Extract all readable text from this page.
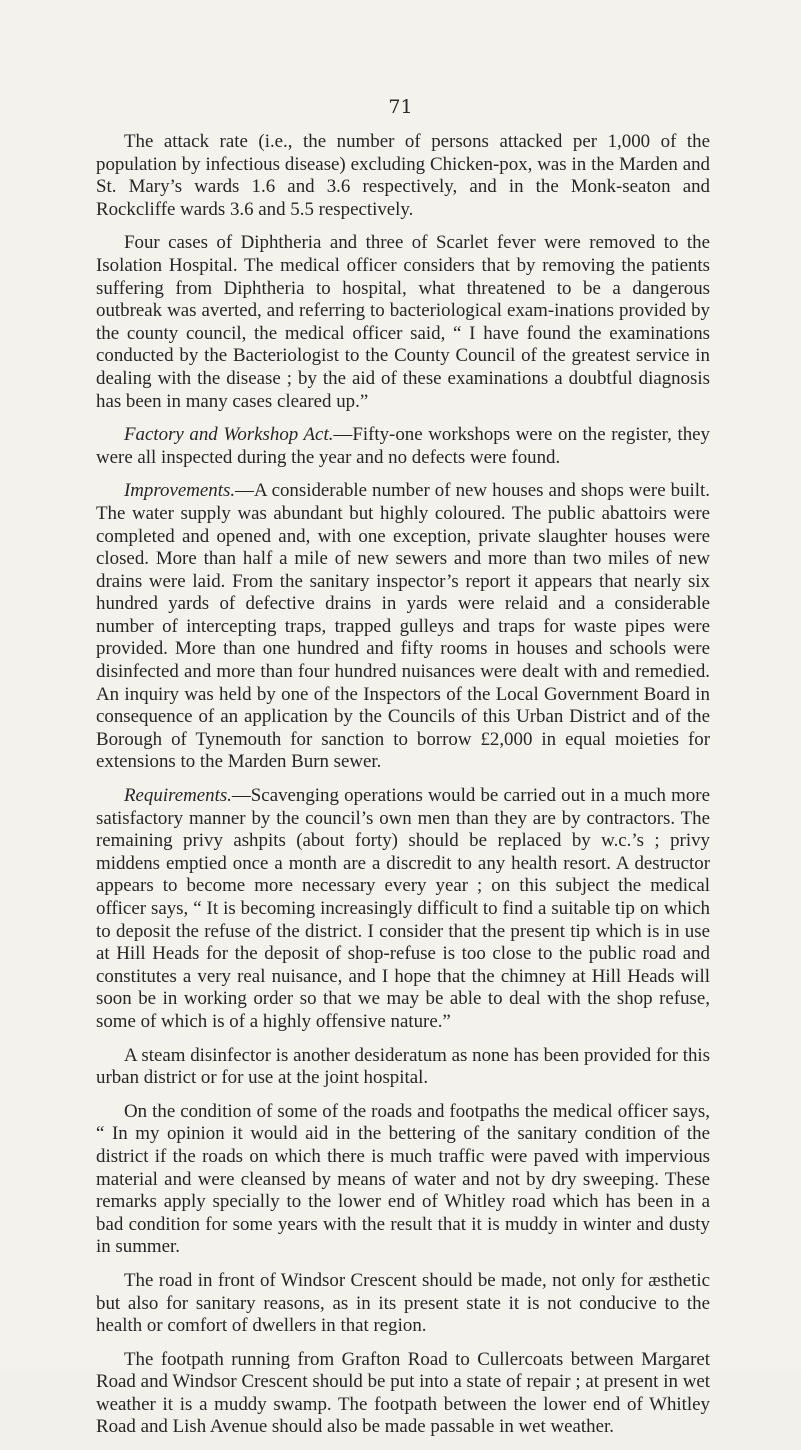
71

The attack rate (i.e., the number of persons attacked per 1,000 of the population by infectious disease) excluding Chicken-pox, was in the Marden and St. Mary’s wards 1.6 and 3.6 respectively, and in the Monk-seaton and Rockcliffe wards 3.6 and 5.5 respectively.

Four cases of Diphtheria and three of Scarlet fever were removed to the Isolation Hospital. The medical officer considers that by removing the patients suffering from Diphtheria to hospital, what threatened to be a dangerous outbreak was averted, and referring to bacteriological exam-inations provided by the county council, the medical officer said, “ I have found the examinations conducted by the Bacteriologist to the County Council of the greatest service in dealing with the disease ; by the aid of these examinations a doubtful diagnosis has been in many cases cleared up.”

Factory and Workshop Act.—Fifty-one workshops were on the register, they were all inspected during the year and no defects were found.

Improvements.—A considerable number of new houses and shops were built. The water supply was abundant but highly coloured. The public abattoirs were completed and opened and, with one exception, private slaughter houses were closed. More than half a mile of new sewers and more than two miles of new drains were laid. From the sanitary inspector’s report it appears that nearly six hundred yards of defective drains in yards were relaid and a considerable number of intercepting traps, trapped gulleys and traps for waste pipes were provided. More than one hundred and fifty rooms in houses and schools were disinfected and more than four hundred nuisances were dealt with and remedied. An inquiry was held by one of the Inspectors of the Local Government Board in consequence of an application by the Councils of this Urban District and of the Borough of Tynemouth for sanction to borrow £2,000 in equal moieties for extensions to the Marden Burn sewer.

Requirements.—Scavenging operations would be carried out in a much more satisfactory manner by the council’s own men than they are by contractors. The remaining privy ashpits (about forty) should be replaced by w.c.’s ; privy middens emptied once a month are a discredit to any health resort. A destructor appears to become more necessary every year ; on this subject the medical officer says, “ It is becoming increasingly difficult to find a suitable tip on which to deposit the refuse of the district. I consider that the present tip which is in use at Hill Heads for the deposit of shop-refuse is too close to the public road and constitutes a very real nuisance, and I hope that the chimney at Hill Heads will soon be in working order so that we may be able to deal with the shop refuse, some of which is of a highly offensive nature.”

A steam disinfector is another desideratum as none has been provided for this urban district or for use at the joint hospital.

On the condition of some of the roads and footpaths the medical officer says, “ In my opinion it would aid in the bettering of the sanitary condition of the district if the roads on which there is much traffic were paved with impervious material and were cleansed by means of water and not by dry sweeping. These remarks apply specially to the lower end of Whitley road which has been in a bad condition for some years with the result that it is muddy in winter and dusty in summer.

The road in front of Windsor Crescent should be made, not only for æsthetic but also for sanitary reasons, as in its present state it is not conducive to the health or comfort of dwellers in that region.

The footpath running from Grafton Road to Cullercoats between Margaret Road and Windsor Crescent should be put into a state of repair ; at present in wet weather it is a muddy swamp. The footpath between the lower end of Whitley Road and Lish Avenue should also be made passable in wet weather.
